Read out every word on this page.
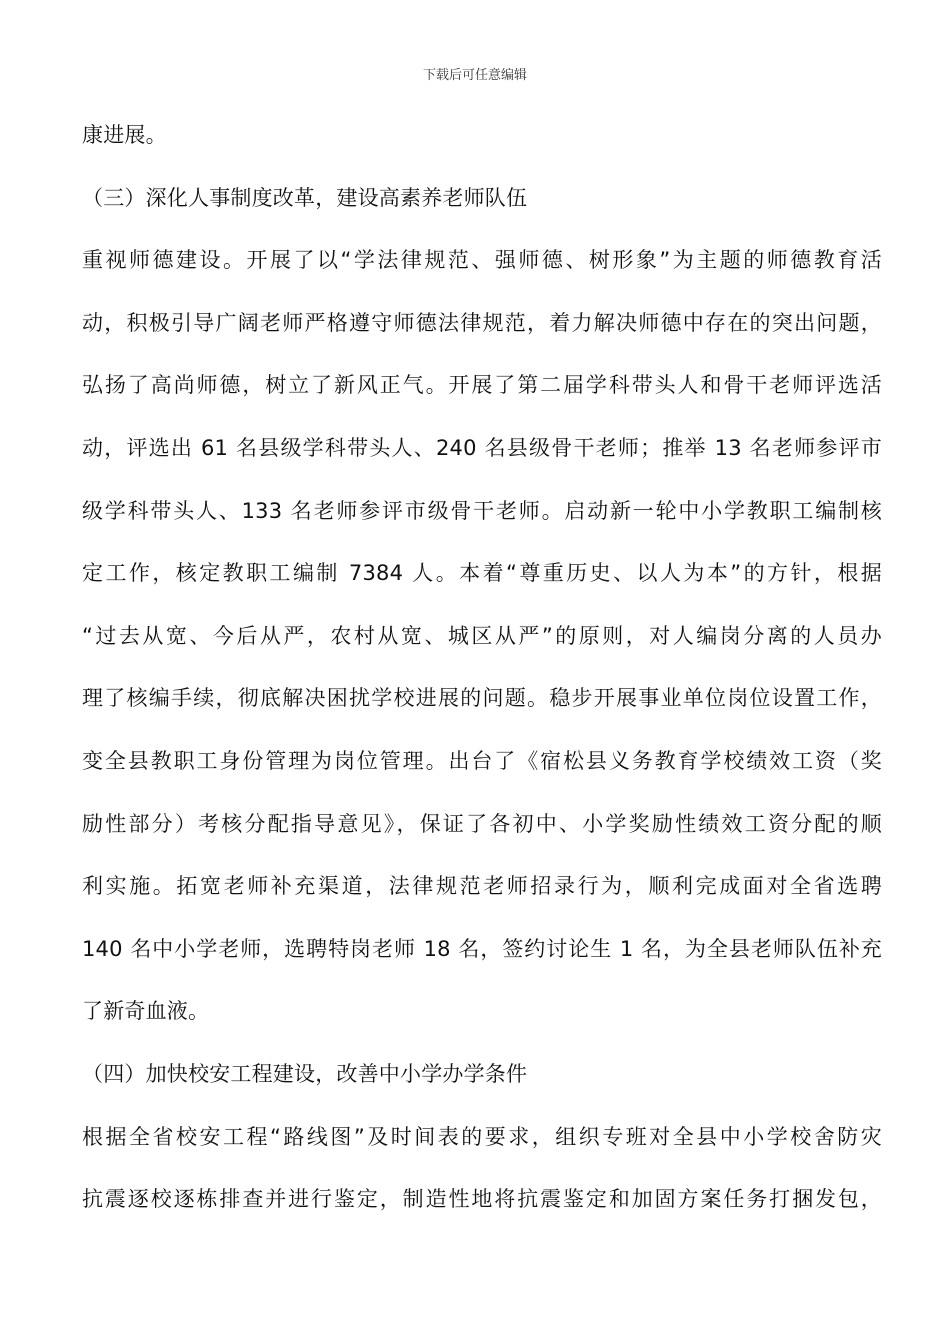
下载后可任意编辑
康进展。
（三）深化人事制度改革，建设高素养老师队伍
重视师德建设。开展了以“学法律规范、强师德、树形象”为主题的师德教育活
动，积极引导广阔老师严格遵守师德法律规范，着力解决师德中存在的突出问题，
弘扬了高尚师德，树立了新风正气。开展了第二届学科带头人和骨干老师评选活
动，评选出 61 名县级学科带头人、240 名县级骨干老师；推举 13 名老师参评市
级学科带头人、133 名老师参评市级骨干老师。启动新一轮中小学教职工编制核
定工作，核定教职工编制 7384 人。本着“尊重历史、以人为本”的方针，根据
“过去从宽、今后从严，农村从宽、城区从严”的原则，对人编岗分离的人员办
理了核编手续，彻底解决困扰学校进展的问题。稳步开展事业单位岗位设置工作，
变全县教职工身份管理为岗位管理。出台了《宿松县义务教育学校绩效工资（奖
励性部分）考核分配指导意见》，保证了各初中、小学奖励性绩效工资分配的顺
利实施。拓宽老师补充渠道，法律规范老师招录行为，顺利完成面对全省选聘
140 名中小学老师，选聘特岗老师 18 名，签约讨论生 1 名，为全县老师队伍补充
了新奇血液。
（四）加快校安工程建设，改善中小学办学条件
根据全省校安工程“路线图”及时间表的要求，组织专班对全县中小学校舍防灾
抗震逐校逐栋排查并进行鉴定，制造性地将抗震鉴定和加固方案任务打捆发包，
